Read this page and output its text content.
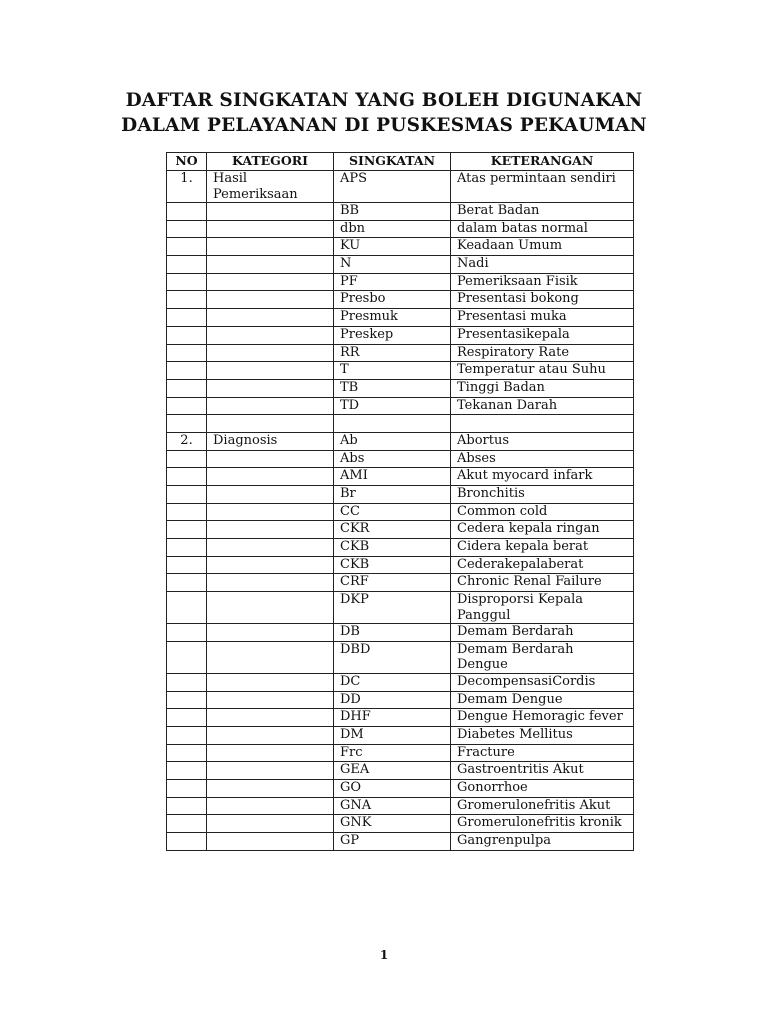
DAFTAR SINGKATAN YANG BOLEH DIGUNAKAN
DALAM PELAYANAN DI PUSKESMAS PEKAUMAN
NO	KATEGORI	SINGKATAN	KETERANGAN
1.	Hasil Pemeriksaan	APS	Atas permintaan sendiri
		BB	Berat Badan
		dbn	dalam batas normal
		KU	Keadaan Umum
		N	Nadi
		PF	Pemeriksaan Fisik
		Presbo	Presentasi bokong
		Presmuk	Presentasi muka
		Preskep	Presentasikepala
		RR	Respiratory Rate
		T	Temperatur atau Suhu
		TB	Tinggi Badan
		TD	Tekanan Darah

2.	Diagnosis	Ab	Abortus
		Abs	Abses
		AMI	Akut myocard infark
		Br	Bronchitis
		CC	Common cold
		CKR	Cedera kepala ringan
		CKB	Cidera kepala berat
		CKB	Cederakepalaberat
		CRF	Chronic Renal Failure
		DKP	Disproporsi Kepala Panggul
		DB	Demam Berdarah
		DBD	Demam Berdarah Dengue
		DC	DecompensasiCordis
		DD	Demam Dengue
		DHF	Dengue Hemoragic fever
		DM	Diabetes Mellitus
		Frc	Fracture
		GEA	Gastroentritis Akut
		GO	Gonorrhoe
		GNA	Gromerulonefritis Akut
		GNK	Gromerulonefritis kronik
		GP	Gangrenpulpa
1
